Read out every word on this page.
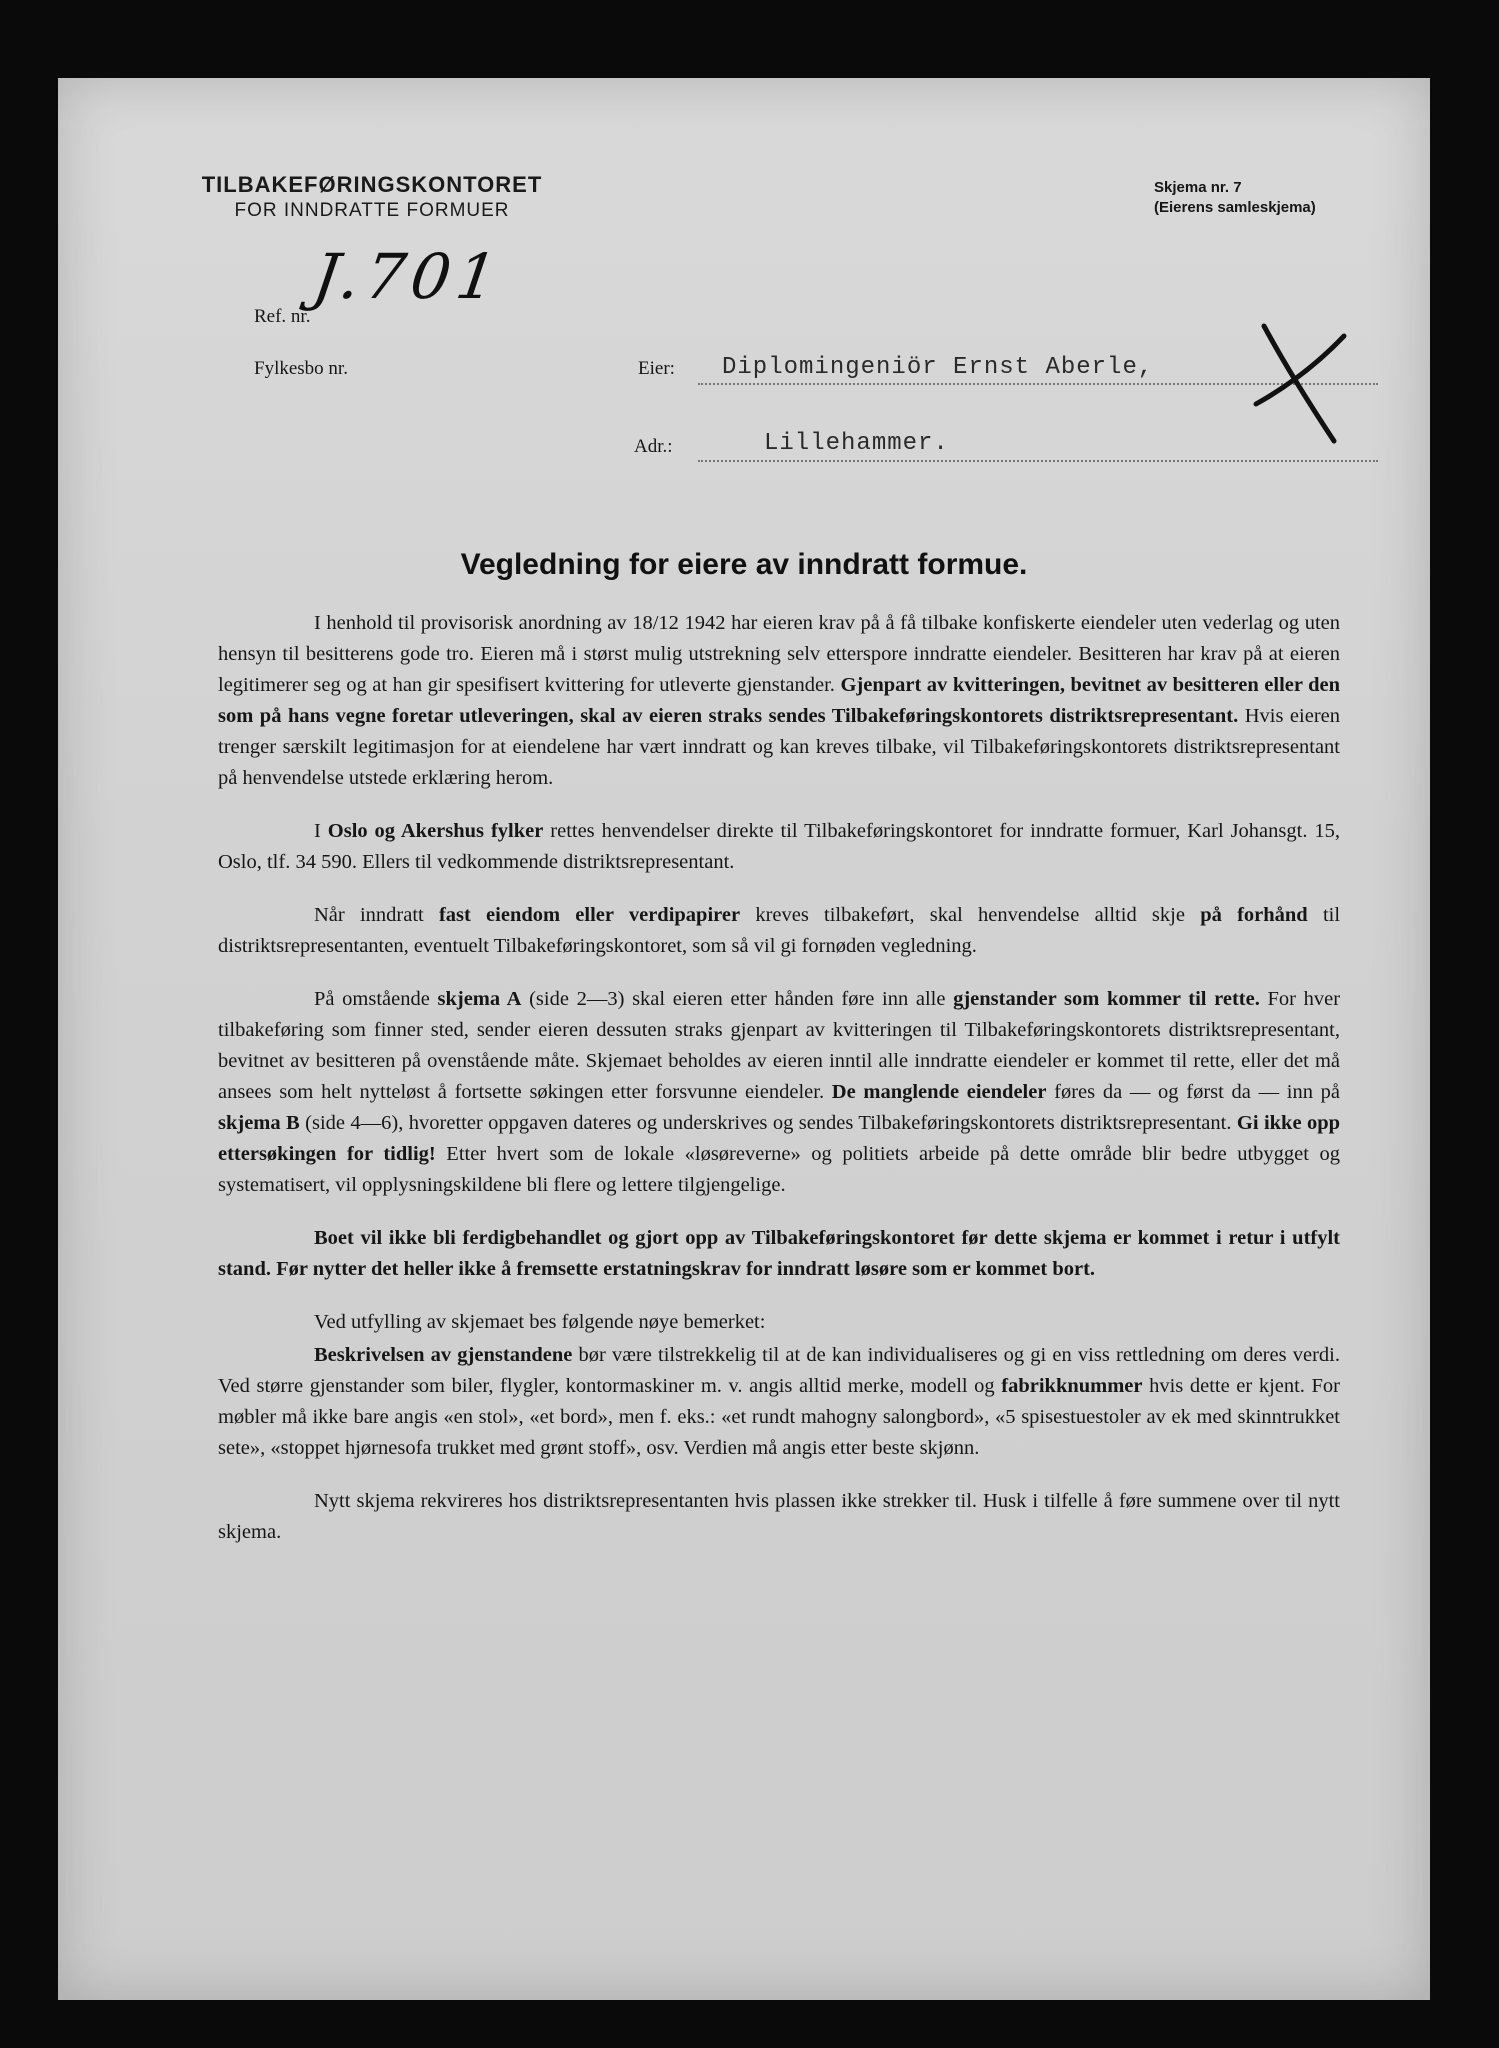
TILBAKEFØRINGSKONTORET
FOR INNDRATTE FORMUER
Skjema nr. 7
(Eierens samleskjema)
Ref. nr.
J.701
Fylkesbo nr.	Eier: Diplomingeniör Ernst Aberle,
Adr.:	Lillehammer.
Vegledning for eiere av inndratt formue.

I henhold til provisorisk anordning av 18/12 1942 har eieren krav på å få tilbake konfiskerte eiendeler uten vederlag og uten hensyn til besitterens gode tro. Eieren må i størst mulig utstrekning selv etterspore inndratte eiendeler. Besitteren har krav på at eieren legitimerer seg og at han gir spesifisert kvittering for utleverte gjenstander. Gjenpart av kvitteringen, bevitnet av besitteren eller den som på hans vegne foretar utleveringen, skal av eieren straks sendes Tilbakeføringskontorets distriktsrepresentant. Hvis eieren trenger særskilt legitimasjon for at eiendelene har vært inndratt og kan kreves tilbake, vil Tilbakeføringskontorets distriktsrepresentant på henvendelse utstede erklæring herom.

I Oslo og Akershus fylker rettes henvendelser direkte til Tilbakeføringskontoret for inndratte formuer, Karl Johansgt. 15, Oslo, tlf. 34 590. Ellers til vedkommende distriktsrepresentant.

Når inndratt fast eiendom eller verdipapirer kreves tilbakeført, skal henvendelse alltid skje på forhånd til distriktsrepresentanten, eventuelt Tilbakeføringskontoret, som så vil gi fornøden vegledning.

På omstående skjema A (side 2—3) skal eieren etter hånden føre inn alle gjenstander som kommer til rette. For hver tilbakeføring som finner sted, sender eieren dessuten straks gjenpart av kvitteringen til Tilbakeføringskontorets distriktsrepresentant, bevitnet av besitteren på ovenstående måte. Skjemaet beholdes av eieren inntil alle inndratte eiendeler er kommet til rette, eller det må ansees som helt nytteløst å fortsette søkingen etter forsvunne eiendeler. De manglende eiendeler føres da — og først da — inn på skjema B (side 4—6), hvoretter oppgaven dateres og underskrives og sendes Tilbakeføringskontorets distriktsrepresentant. Gi ikke opp ettersøkingen for tidlig! Etter hvert som de lokale «løsøreverne» og politiets arbeide på dette område blir bedre utbygget og systematisert, vil opplysningskildene bli flere og lettere tilgjengelige.

Boet vil ikke bli ferdigbehandlet og gjort opp av Tilbakeføringskontoret før dette skjema er kommet i retur i utfylt stand. Før nytter det heller ikke å fremsette erstatningskrav for inndratt løsøre som er kommet bort.

Ved utfylling av skjemaet bes følgende nøye bemerket:

Beskrivelsen av gjenstandene bør være tilstrekkelig til at de kan individualiseres og gi en viss rettledning om deres verdi. Ved større gjenstander som biler, flygler, kontormaskiner m. v. angis alltid merke, modell og fabrikknummer hvis dette er kjent. For møbler må ikke bare angis «en stol», «et bord», men f. eks.: «et rundt mahogny salongbord», «5 spisestuestoler av ek med skinntrukket sete», «stoppet hjørnesofa trukket med grønt stoff», osv. Verdien må angis etter beste skjønn.

Nytt skjema rekvireres hos distriktsrepresentanten hvis plassen ikke strekker til. Husk i tilfelle å føre summene over til nytt skjema.
